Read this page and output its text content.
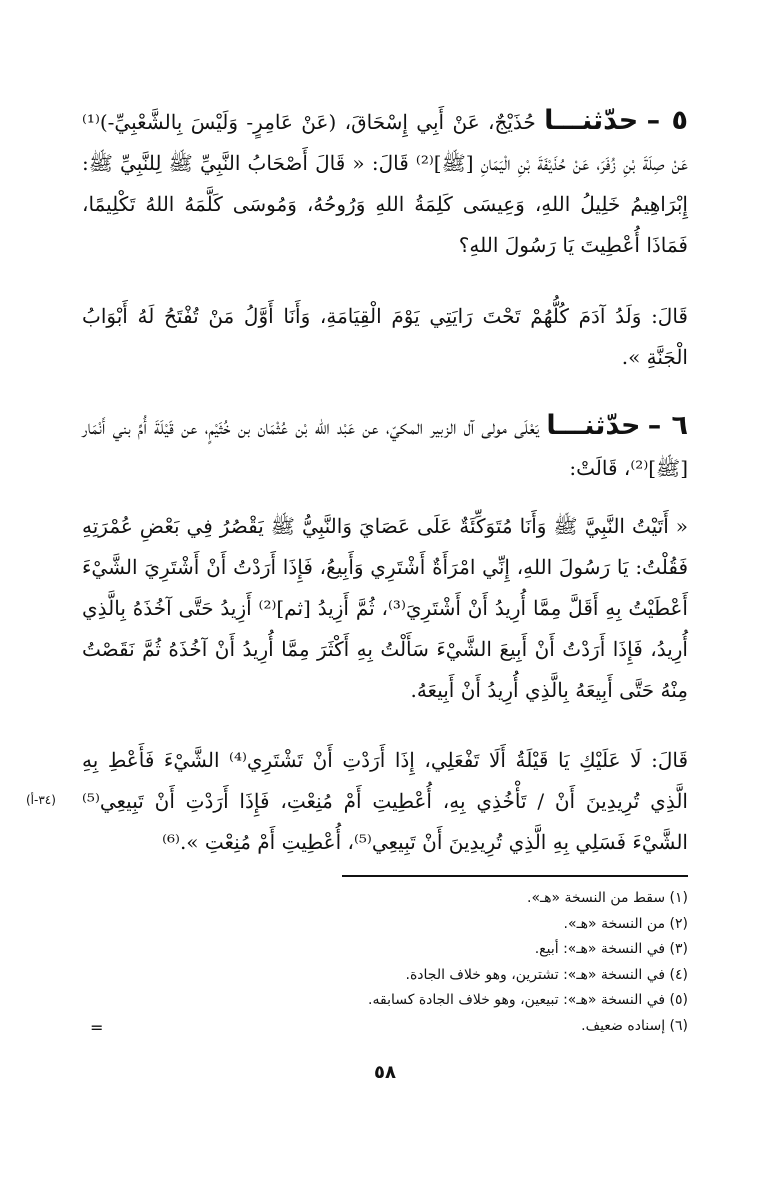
٥ – حدّثنـــا حُذَيْجٌ، عَنْ أَبِي إِسْحَاقَ، (عَنْ عَامِرٍ- وَلَيْسَ بِالشَّعْبِيِّ-)⁽¹⁾ عَنْ صِلَةَ بْنِ زُفَرَ، عَنْ حُذَيْفَةَ بْنِ الْيَمَانِ [ﷺ]⁽²⁾ قَالَ: « قَالَ أَصْحَابُ النَّبِيِّ ﷺ لِلنَّبِيِّ ﷺ: إِبْرَاهِيمُ خَلِيلُ اللهِ، وَعِيسَى كَلِمَةُ اللهِ وَرُوحُهُ، وَمُوسَى كَلَّمَهُ اللهُ تَكْلِيمًا، فَمَاذَا أُعْطِيتَ يَا رَسُولَ اللهِ؟

قَالَ: وَلَدُ آدَمَ كُلُّهُمْ تَحْتَ رَايَتِي يَوْمَ الْقِيَامَةِ، وَأَنَا أَوَّلُ مَنْ تُفْتَحُ لَهُ أَبْوَابُ الْجَنَّةِ ».

٦ – حدّثنـــا يَعْلَى مولى آل الزبير المكيّ، عن عَبْد الله بْن عُثْمَان بن خُثَيْمٍ، عن قَيْلَةَ أُمِّ بني أَنْمَار [ﷺ]⁽²⁾، قَالَتْ:

« أَتَيْتُ النَّبِيَّ ﷺ وَأَنَا مُتَوَكِّئَةٌ عَلَى عَصَايَ وَالنَّبِيُّ ﷺ يَقْصُرُ فِي بَعْضِ عُمْرَتِهِ فَقُلْتُ: يَا رَسُولَ اللهِ، إِنِّي امْرَأَةٌ أَشْتَرِي وَأَبِيعُ، فَإِذَا أَرَدْتُ أَنْ أَشْتَرِيَ الشَّيْءَ أَعْطَيْتُ بِهِ أَقَلَّ مِمَّا أُرِيدُ أَنْ أَشْتَرِيَ⁽³⁾، ثُمَّ أَزِيدُ [ثم]⁽²⁾ أَزِيدُ حَتَّى آخُذَهُ بِالَّذِي أُرِيدُ، فَإِذَا أَرَدْتُ أَنْ أَبِيعَ الشَّيْءَ سَأَلْتُ بِهِ أَكْثَرَ مِمَّا أُرِيدُ أَنْ آخُذَهُ ثُمَّ نَقَصْتُ مِنْهُ حَتَّى أَبِيعَهُ بِالَّذِي أُرِيدُ أَنْ أَبِيعَهُ.

قَالَ: لَا عَلَيْكِ يَا قَيْلَةُ أَلَا تَفْعَلِي، إِذَا أَرَدْتِ أَنْ تَشْتَرِي⁽⁴⁾ الشَّيْءَ فَأَعْطِ بِهِ الَّذِي تُرِيدِينَ أَنْ / تَأْخُذِي بِهِ، أُعْطِيتِ أَمْ مُنِعْتِ، فَإِذَا أَرَدْتِ أَنْ تَبِيعِي⁽⁵⁾ الشَّيْءَ فَسَلِي بِهِ الَّذِي تُرِيدِينَ أَنْ تَبِيعِي⁽⁵⁾، أُعْطِيتِ أَمْ مُنِعْتِ ».⁽⁶⁾

(٣٤-أ)
(١) سقط من النسخة «هـ».
(٢) من النسخة «هـ».
(٣) في النسخة «هـ»: أبيع.
(٤) في النسخة «هـ»: تشترين، وهو خلاف الجادة.
(٥) في النسخة «هـ»: تبيعين، وهو خلاف الجادة كسابقه.
(٦) إسناده ضعيف.
=
٥٨
